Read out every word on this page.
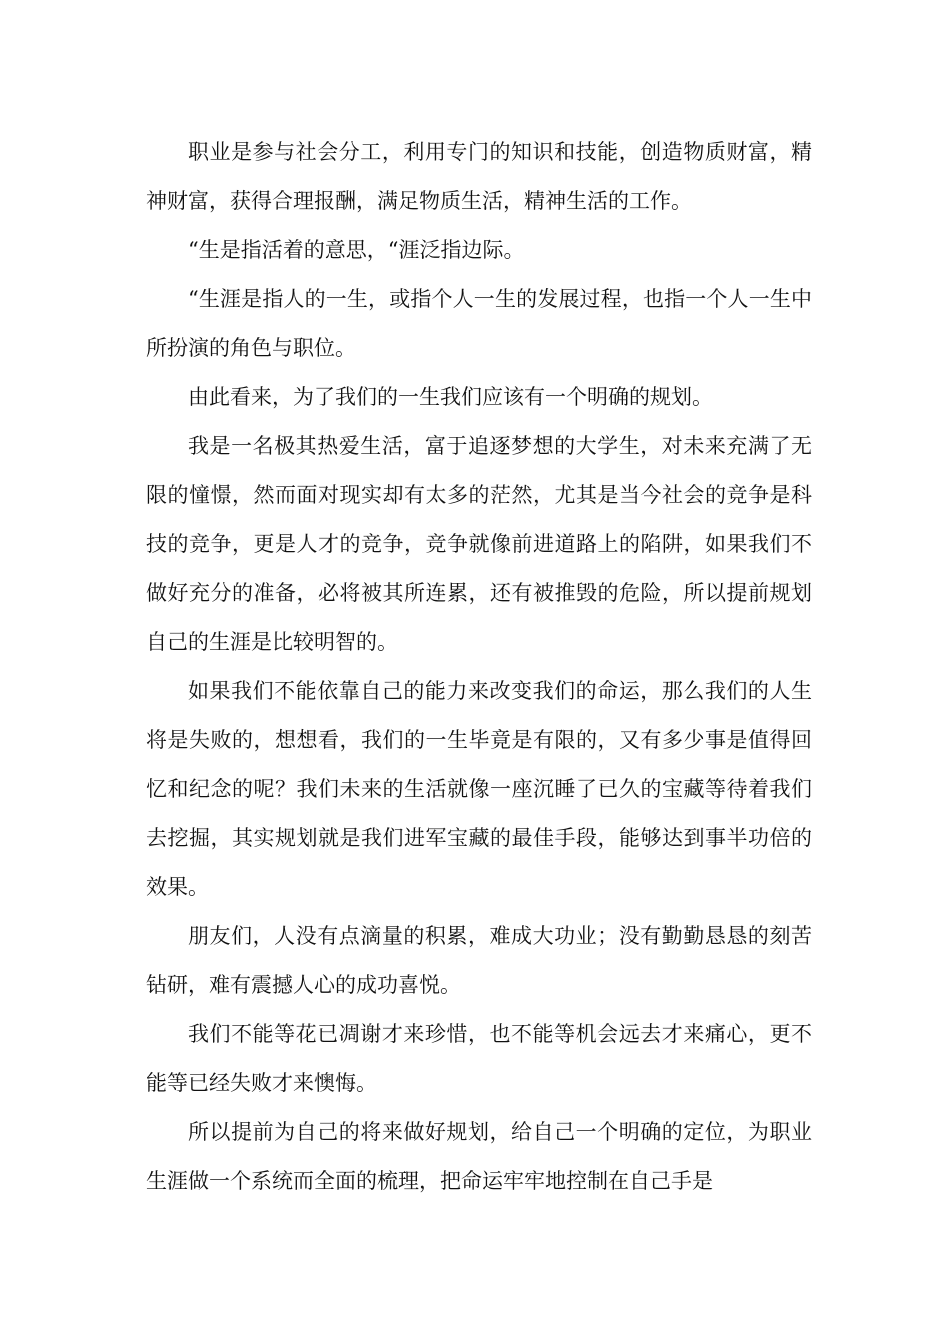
职业是参与社会分工，利用专门的知识和技能，创造物质财富，精神财富，获得合理报酬，满足物质生活，精神生活的工作。

“生是指活着的意思，“涯泛指边际。

“生涯是指人的一生，或指个人一生的发展过程，也指一个人一生中所扮演的角色与职位。

由此看来，为了我们的一生我们应该有一个明确的规划。

我是一名极其热爱生活，富于追逐梦想的大学生，对未来充满了无限的憧憬，然而面对现实却有太多的茫然，尤其是当今社会的竞争是科技的竞争，更是人才的竞争，竞争就像前进道路上的陷阱，如果我们不做好充分的准备，必将被其所连累，还有被推毁的危险，所以提前规划自己的生涯是比较明智的。

如果我们不能依靠自己的能力来改变我们的命运，那么我们的人生将是失败的，想想看，我们的一生毕竟是有限的，又有多少事是值得回忆和纪念的呢？我们未来的生活就像一座沉睡了已久的宝藏等待着我们去挖掘，其实规划就是我们进军宝藏的最佳手段，能够达到事半功倍的效果。

朋友们，人没有点滴量的积累，难成大功业；没有勤勤恳恳的刻苦钻研，难有震撼人心的成功喜悦。

我们不能等花已凋谢才来珍惜，也不能等机会远去才来痛心，更不能等已经失败才来懊悔。

所以提前为自己的将来做好规划，给自己一个明确的定位，为职业生涯做一个系统而全面的梳理，把命运牢牢地控制在自己手是
